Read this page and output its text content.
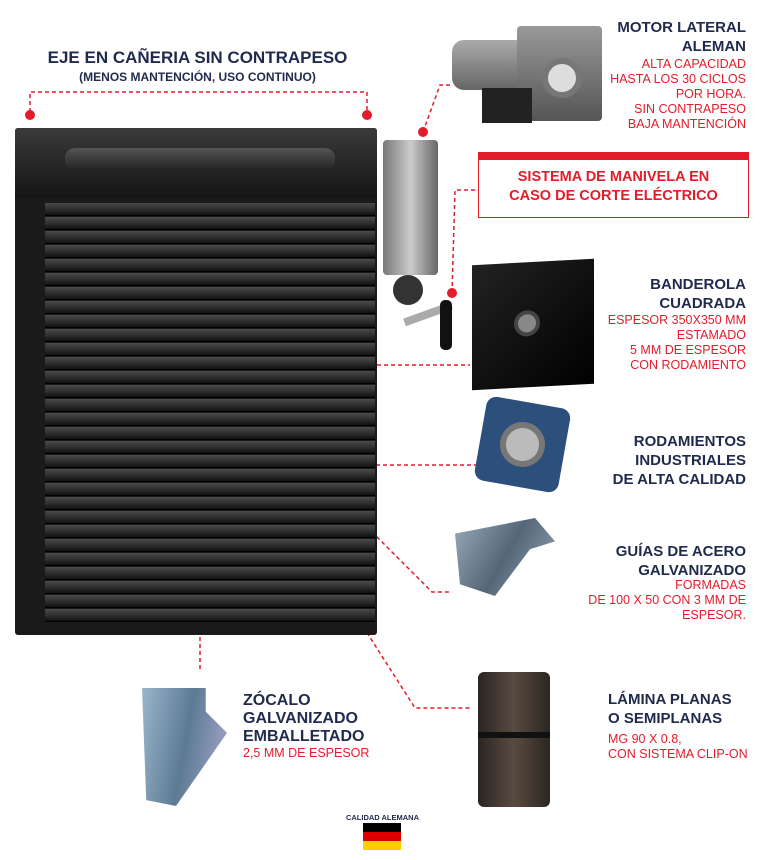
EJE EN CAÑERIA SIN CONTRAPESO
(MENOS MANTENCIÓN, USO CONTINUO)
MOTOR LATERAL
ALEMAN
ALTA CAPACIDAD
HASTA LOS 30 CICLOS
POR HORA.
SIN CONTRAPESO
BAJA MANTENCIÓN
SISTEMA DE MANIVELA EN
CASO DE CORTE ELÉCTRICO
BANDEROLA
CUADRADA
ESPESOR 350X350 MM
ESTAMADO
5 MM DE ESPESOR
CON RODAMIENTO
RODAMIENTOS
INDUSTRIALES
DE ALTA CALIDAD
GUÍAS DE ACERO
GALVANIZADO
FORMADAS
DE 100 X 50 CON 3 MM DE
ESPESOR.
ZÓCALO
GALVANIZADO
EMBALLETADO
2,5 MM DE ESPESOR
LÁMINA PLANAS
O SEMIPLANAS
MG 90 X 0.8,
CON SISTEMA CLIP-ON
CALIDAD ALEMANA
